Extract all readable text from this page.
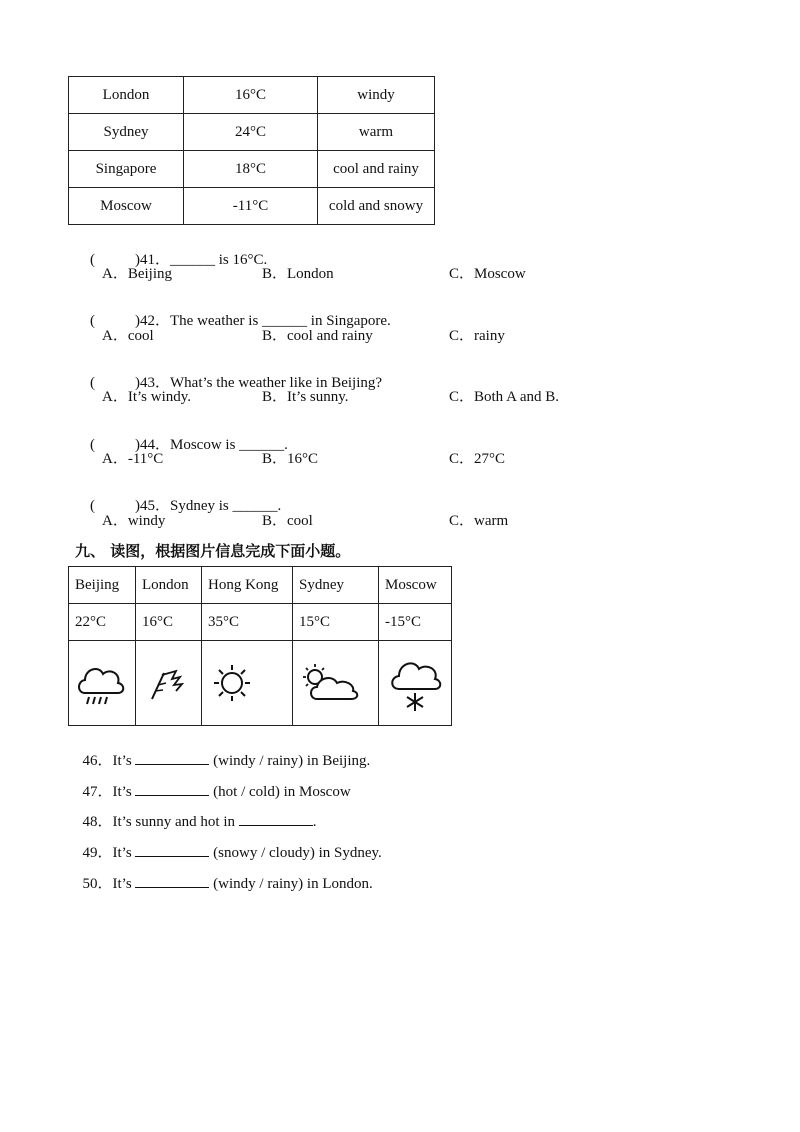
London	16°C	windy
Sydney	24°C	warm
Singapore	18°C	cool and rainy
Moscow	-11°C	cold and snowy

(	)41．______ is 16°C.

A．Beijing	B．London	C．Moscow

(	)42．The weather is ______ in Singapore.

A．cool	B．cool and rainy	C．rainy

(	)43．What’s the weather like in Beijing?

A．It’s windy.	B．It’s sunny.	C．Both A and B.

(	)44．Moscow is ______.

A．-11°C	B．16°C	C．27°C

(	)45．Sydney is ______.

A．windy	B．cool	C．warm
九、 读图，根据图片信息完成下面小题。
Beijing	London	Hong Kong	Sydney	Moscow
22°C	16°C	35°C	15°C	-15°C

46．It’s	(windy / rainy) in Beijing.

47．It’s	(hot / cold) in Moscow

48．It’s sunny and hot in	.

49．It’s	(snowy / cloudy) in Sydney.

50．It’s	(windy / rainy) in London.
